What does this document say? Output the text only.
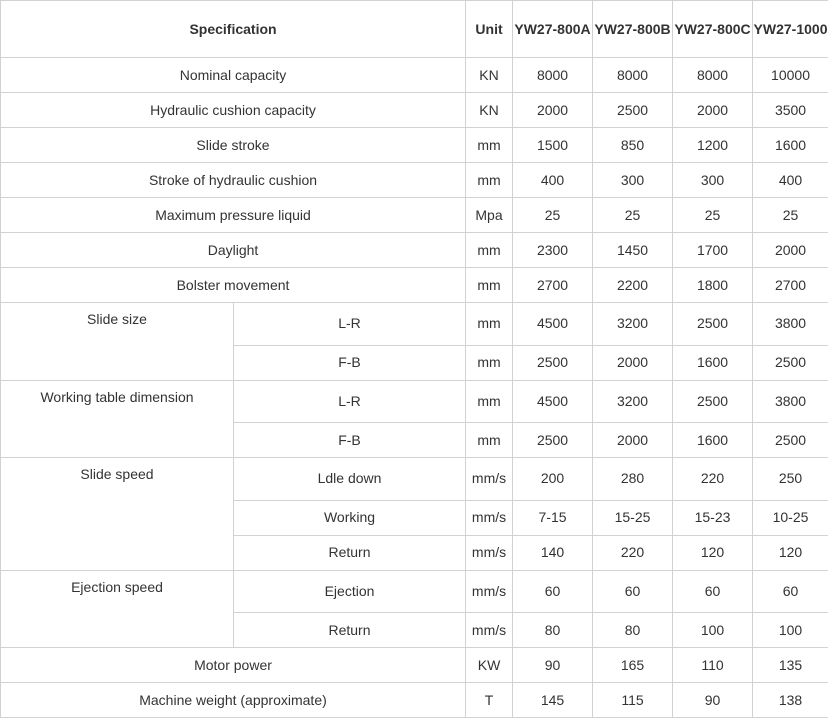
Specification		Unit	YW27-800A	YW27-800B	YW27-800C	YW27-1000
Nominal capacity		KN	8000	8000	8000	10000
Hydraulic cushion capacity		KN	2000	2500	2000	3500
Slide stroke		mm	1500	850	1200	1600
Stroke of hydraulic cushion		mm	400	300	300	400
Maximum pressure liquid		Mpa	25	25	25	25
Daylight		mm	2300	1450	1700	2000
Bolster movement		mm	2700	2200	1800	2700
Slide size	L-R	mm	4500	3200	2500	3800
	F-B	mm	2500	2000	1600	2500
Working table dimension	L-R	mm	4500	3200	2500	3800
	F-B	mm	2500	2000	1600	2500
Slide speed	Ldle down	mm/s	200	280	220	250
	Working	mm/s	7-15	15-25	15-23	10-25
	Return	mm/s	140	220	120	120
Ejection speed	Ejection	mm/s	60	60	60	60
	Return	mm/s	80	80	100	100
Motor power		KW	90	165	110	135
Machine weight (approximate)		T	145	115	90	138
